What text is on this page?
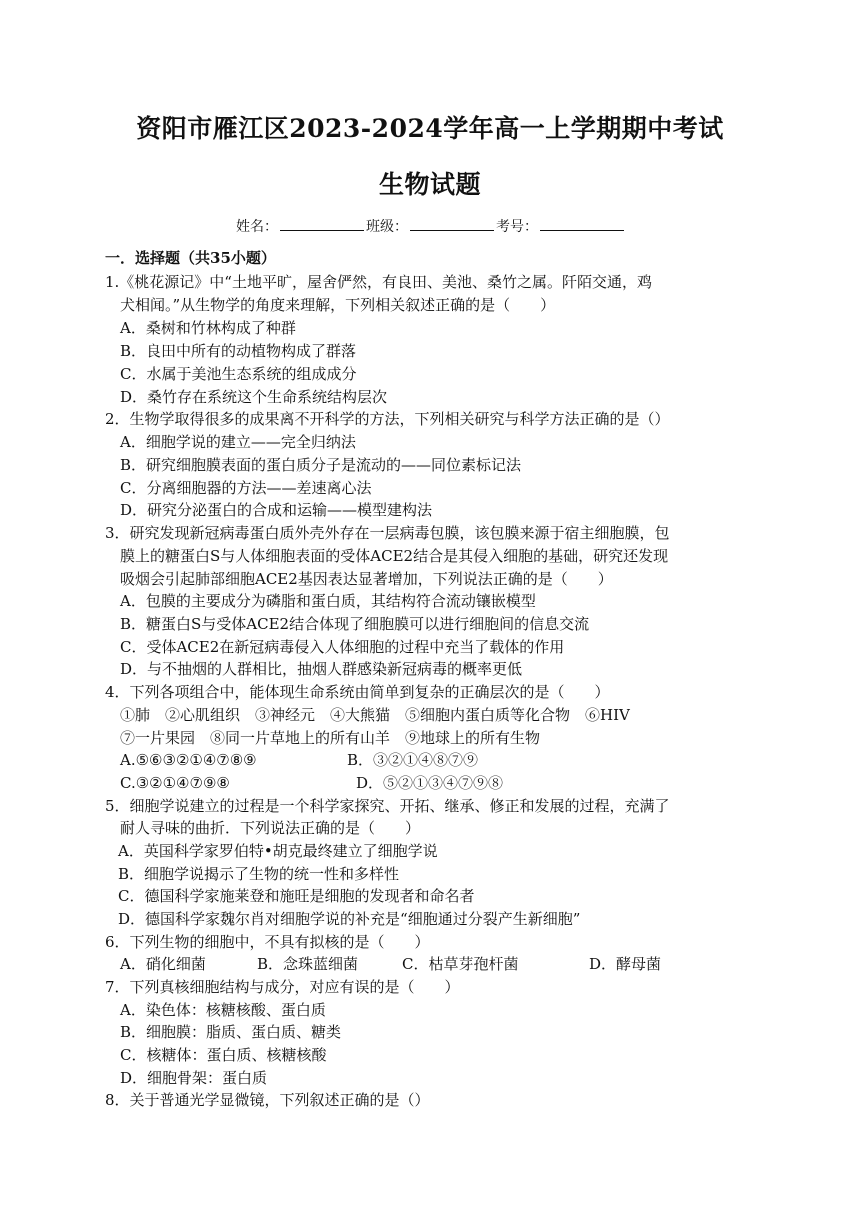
资阳市雁江区2023-2024学年高一上学期期中考试
生物试题
姓名：	班级：	考号：
一．选择题（共35小题）
1.《桃花源记》中“土地平旷，屋舍俨然，有良田、美池、桑竹之属。阡陌交通，鸡
犬相闻。”从生物学的角度来理解，下列相关叙述正确的是（　　）
A．桑树和竹林构成了种群
B．良田中所有的动植物构成了群落
C．水属于美池生态系统的组成成分
D．桑竹存在系统这个生命系统结构层次
2．生物学取得很多的成果离不开科学的方法，下列相关研究与科学方法正确的是（）
A．细胞学说的建立——完全归纳法
B．研究细胞膜表面的蛋白质分子是流动的——同位素标记法
C．分离细胞器的方法——差速离心法
D．研究分泌蛋白的合成和运输——模型建构法
3．研究发现新冠病毒蛋白质外壳外存在一层病毒包膜，该包膜来源于宿主细胞膜，包
膜上的糖蛋白S与人体细胞表面的受体ACE2结合是其侵入细胞的基础，研究还发现
吸烟会引起肺部细胞ACE2基因表达显著增加，下列说法正确的是（　　）
A．包膜的主要成分为磷脂和蛋白质，其结构符合流动镶嵌模型
B．糖蛋白S与受体ACE2结合体现了细胞膜可以进行细胞间的信息交流
C．受体ACE2在新冠病毒侵入人体细胞的过程中充当了载体的作用
D．与不抽烟的人群相比，抽烟人群感染新冠病毒的概率更低
4．下列各项组合中，能体现生命系统由简单到复杂的正确层次的是（　　）
①肺　②心肌组织　③神经元　④大熊猫　⑤细胞内蛋白质等化合物　⑥HIV
⑦一片果园　⑧同一片草地上的所有山羊　⑨地球上的所有生物
A.⑤⑥③②①④⑦⑧⑨	B．③②①④⑧⑦⑨
C.③②①④⑦⑨⑧	D．⑤②①③④⑦⑨⑧
5．细胞学说建立的过程是一个科学家探究、开拓、继承、修正和发展的过程，充满了
耐人寻味的曲折．下列说法正确的是（　　）
A．英国科学家罗伯特•胡克最终建立了细胞学说
B．细胞学说揭示了生物的统一性和多样性
C．德国科学家施莱登和施旺是细胞的发现者和命名者
D．德国科学家魏尔肖对细胞学说的补充是“细胞通过分裂产生新细胞”
6．下列生物的细胞中，不具有拟核的是（　　）
A．硝化细菌	B．念珠蓝细菌	C．枯草芽孢杆菌	D．酵母菌
7．下列真核细胞结构与成分，对应有误的是（　　）
A．染色体：核糖核酸、蛋白质
B．细胞膜：脂质、蛋白质、糖类
C．核糖体：蛋白质、核糖核酸
D．细胞骨架：蛋白质
8．关于普通光学显微镜，下列叙述正确的是（）
